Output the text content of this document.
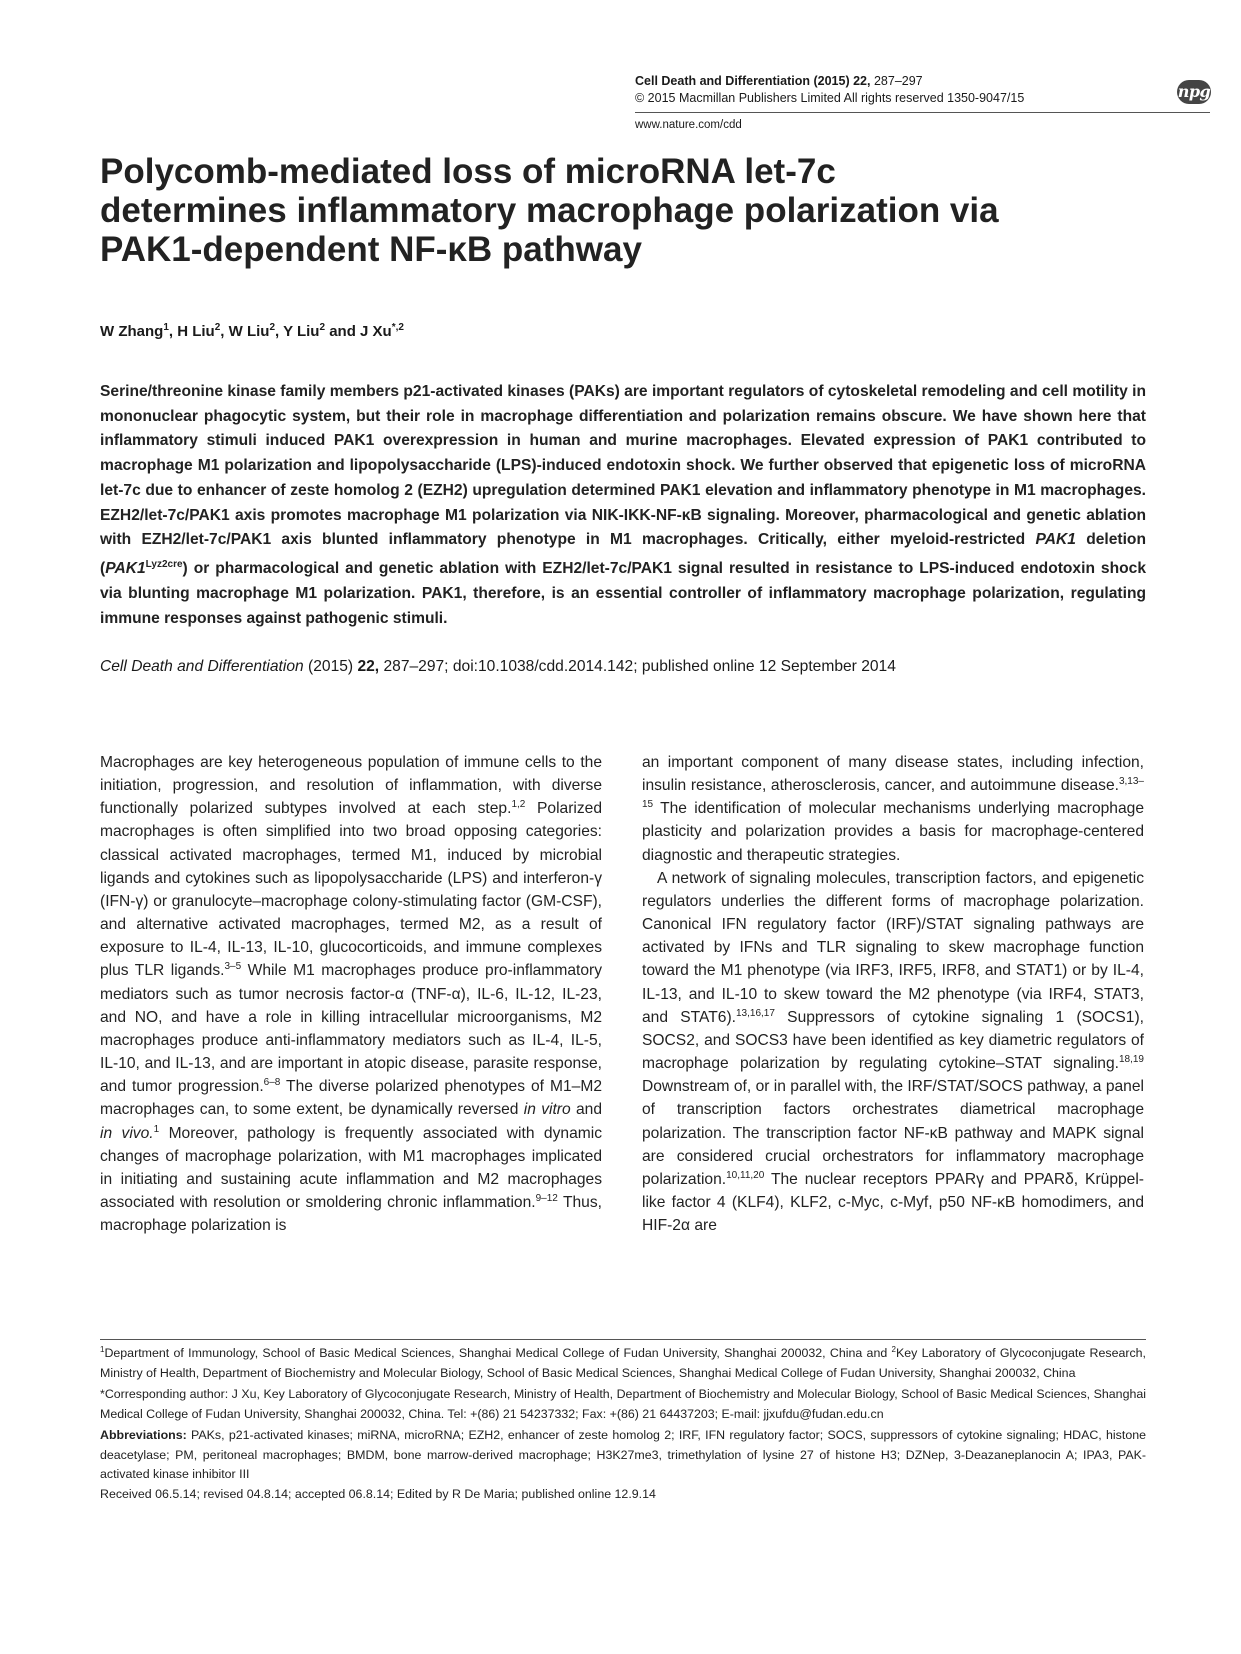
Cell Death and Differentiation (2015) 22, 287–297
© 2015 Macmillan Publishers Limited All rights reserved 1350-9047/15	npg
www.nature.com/cdd
Polycomb-mediated loss of microRNA let-7c
determines inflammatory macrophage polarization via
PAK1-dependent NF-κB pathway
W Zhang$^1$, H Liu$^2$, W Liu$^2$, Y Liu$^2$ and J $Xu^{*,2}$
Serine/threonine kinase family members p21-activated kinases (PAKs) are important regulators of cytoskeletal remodeling and cell motility in mononuclear phagocytic system, but their role in macrophage differentiation and polarization remains obscure. We have shown here that inflammatory stimuli induced PAK1 overexpression in human and murine macrophages. Elevated expression of PAK1 contributed to macrophage M1 polarization and lipopolysaccharide (LPS)-induced endotoxin shock. We further observed that epigenetic loss of microRNA let-7c due to enhancer of zeste homolog 2 (EZH2) upregulation determined PAK1 elevation and inflammatory phenotype in M1 macrophages. EZH2/let-7c/PAK1 axis promotes macrophage M1 polarization via NIK-IKK-NF-κB signaling. Moreover, pharmacological and genetic ablation with EZH2/let-7c/PAK1 axis blunted inflammatory phenotype in M1 macrophages. Critically, either myeloid-restricted PAK1 deletion $(PAK1^{Lyz2cre})$ or pharmacological and genetic ablation with EZH2/let-7c/PAK1 signal resulted in resistance to LPS-induced endotoxin shock via blunting macrophage M1 polarization. PAK1, therefore, is an essential controller of inflammatory macrophage polarization, regulating immune responses against pathogenic stimuli.
Cell Death and Differentiation (2015) 22, 287–297; doi:10.1038/cdd.2014.142; published online 12 September 2014

Macrophages are key heterogeneous population of immune cells to the initiation, progression, and resolution of inflammation, with diverse functionally polarized subtypes involved at each step.$^{1,2}$ Polarized macrophages is often simplified into two broad opposing categories: classical activated macrophages, termed M1, induced by microbial ligands and cytokines such as lipopolysaccharide (LPS) and interferon-γ (IFN-γ) or granulocyte–macrophage colony-stimulating factor (GM-CSF), and alternative activated macrophages, termed M2, as a result of exposure to IL-4, IL-13, IL-10, glucocorticoids, and immune complexes plus TLR ligands.$^{3-5}$ While M1 macrophages produce pro-inflammatory mediators such as tumor necrosis factor-α (TNF-α), IL-6, IL-12, IL-23, and NO, and have a role in killing intracellular microorganisms, M2 macrophages produce anti-inflammatory mediators such as IL-4, IL-5, IL-10, and IL-13, and are important in atopic disease, parasite response, and tumor progression.$^{6-8}$ The diverse polarized phenotypes of M1–M2 macrophages can, to some extent, be dynamically reversed in vitro and in vivo.$^1$ Moreover, pathology is frequently associated with dynamic changes of macrophage polarization, with M1 macrophages implicated in initiating and sustaining acute inflammation and M2 macrophages associated with resolution or smoldering chronic inflammation.$^{9-12}$ Thus, macrophage polarization is

an important component of many disease states, including infection, insulin resistance, atherosclerosis, cancer, and autoimmune disease.$^{3,13-15}$ The identification of molecular mechanisms underlying macrophage plasticity and polarization provides a basis for macrophage-centered diagnostic and therapeutic strategies.

A network of signaling molecules, transcription factors, and epigenetic regulators underlies the different forms of macrophage polarization. Canonical IFN regulatory factor (IRF)/STAT signaling pathways are activated by IFNs and TLR signaling to skew macrophage function toward the M1 phenotype (via IRF3, IRF5, IRF8, and STAT1) or by IL-4, IL-13, and IL-10 to skew toward the M2 phenotype (via IRF4, STAT3, and STAT6).$^{13,16,17}$ Suppressors of cytokine signaling 1 (SOCS1), SOCS2, and SOCS3 have been identified as key diametric regulators of macrophage polarization by regulating cytokine–STAT signaling.$^{18,19}$ Downstream of, or in parallel with, the IRF/STAT/SOCS pathway, a panel of transcription factors orchestrates diametrical macrophage polarization. The transcription factor NF-κB pathway and MAPK signal are considered crucial orchestrators for inflammatory macrophage polarization.$^{10,11,20}$ The nuclear receptors PPARγ and PPARδ, Krüppel-like factor 4 (KLF4), KLF2, c-Myc, c-Myf, p50 NF-κB homodimers, and HIF-2α are

$^1$Department of Immunology, School of Basic Medical Sciences, Shanghai Medical College of Fudan University, Shanghai 200032, China and $^2$Key Laboratory of Glycoconjugate Research, Ministry of Health, Department of Biochemistry and Molecular Biology, School of Basic Medical Sciences, Shanghai Medical College of Fudan University, Shanghai 200032, China

*Corresponding author: J Xu, Key Laboratory of Glycoconjugate Research, Ministry of Health, Department of Biochemistry and Molecular Biology, School of Basic Medical Sciences, Shanghai Medical College of Fudan University, Shanghai 200032, China. Tel: +(86) 21 54237332; Fax: +(86) 21 64437203; E-mail: jjxufdu@fudan.edu.cn

Abbreviations: PAKs, p21-activated kinases; miRNA, microRNA; EZH2, enhancer of zeste homolog 2; IRF, IFN regulatory factor; SOCS, suppressors of cytokine signaling; HDAC, histone deacetylase; PM, peritoneal macrophages; BMDM, bone marrow-derived macrophage; H3K27me3, trimethylation of lysine 27 of histone H3; DZNep, 3-Deazaneplanocin A; IPA3, PAK-activated kinase inhibitor III

Received 06.5.14; revised 04.8.14; accepted 06.8.14; Edited by R De Maria; published online 12.9.14
